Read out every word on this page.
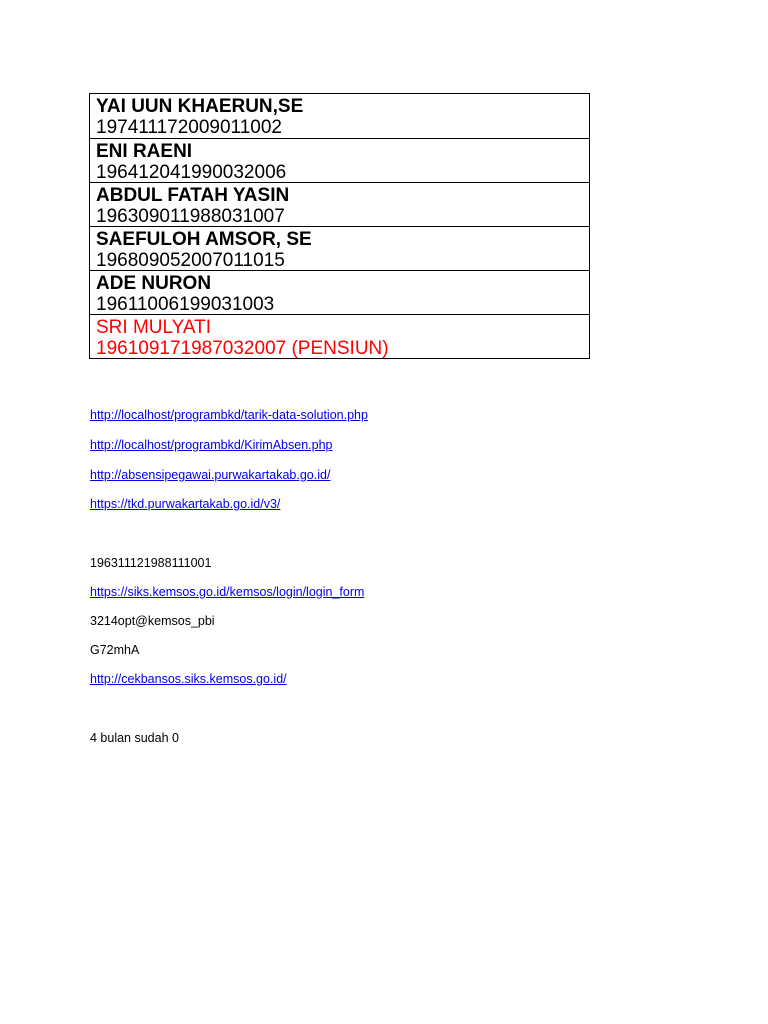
YAI UUN KHAERUN,SE
197411172009011002
ENI RAENI
196412041990032006
ABDUL FATAH YASIN
196309011988031007
SAEFULOH AMSOR, SE
196809052007011015
ADE NURON
19611006199031003
SRI MULYATI
196109171987032007 (PENSIUN)
http://localhost/programbkd/tarik-data-solution.php
http://localhost/programbkd/KirimAbsen.php
http://absensipegawai.purwakartakab.go.id/
https://tkd.purwakartakab.go.id/v3/
196311121988111001
https://siks.kemsos.go.id/kemsos/login/login_form
3214opt@kemsos_pbi
G72mhA
http://cekbansos.siks.kemsos.go.id/
4 bulan sudah 0
